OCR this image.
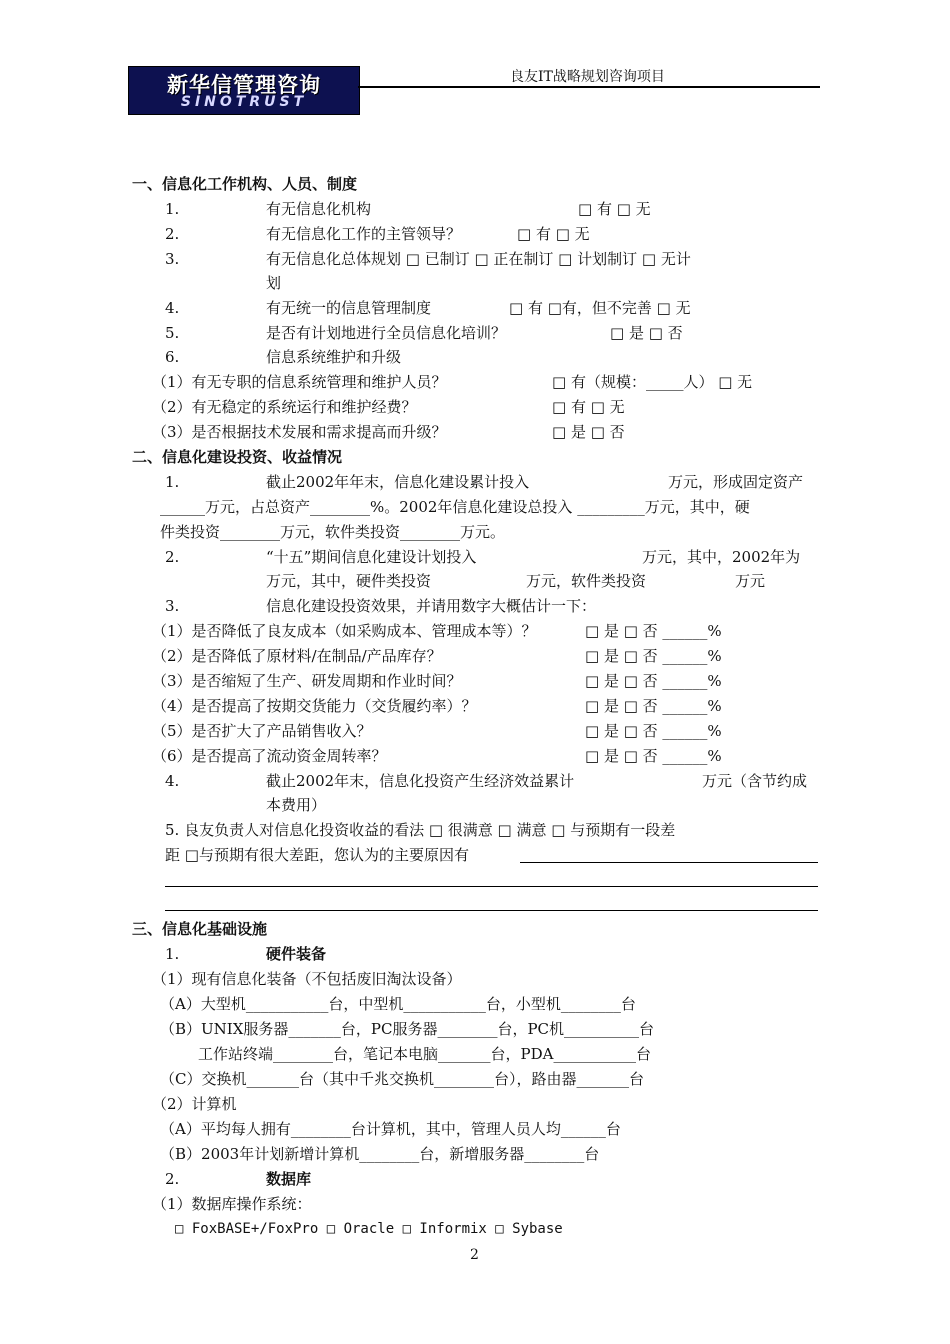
新华信管理咨询
SINOTRUST
良友IT战略规划咨询项目
一、信息化工作机构、人员、制度
1.	有无信息化机构	□ 有 □ 无
2.	有无信息化工作的主管领导？	□ 有 □ 无
3.	有无信息化总体规划 □ 已制订 □ 正在制订 □ 计划制订 □ 无计
划
4.	有无统一的信息管理制度	□ 有 □有，但不完善 □ 无
5.	是否有计划地进行全员信息化培训？	□ 是 □ 否
6.	信息系统维护和升级
（1）有无专职的信息系统管理和维护人员？	□ 有（规模：_____人） □ 无
（2）有无稳定的系统运行和维护经费？	□ 有 □ 无
（3）是否根据技术发展和需求提高而升级？	□ 是 □ 否
二、信息化建设投资、收益情况
1.	截止2002年年末，信息化建设累计投入	万元，形成固定资产
______万元，占总资产________%。2002年信息化建设总投入 _________万元，其中，硬
件类投资________万元，软件类投资________万元。
2.	“十五”期间信息化建设计划投入	万元，其中，2002年为
万元，其中，硬件类投资	万元，软件类投资	万元
3.	信息化建设投资效果，并请用数字大概估计一下：
（1）是否降低了良友成本（如采购成本、管理成本等）？	□ 是 □ 否 ______%
（2）是否降低了原材料/在制品/产品库存？	□ 是 □ 否 ______%
（3）是否缩短了生产、研发周期和作业时间？	□ 是 □ 否 ______%
（4）是否提高了按期交货能力（交货履约率）？	□ 是 □ 否 ______%
（5）是否扩大了产品销售收入？	□ 是 □ 否 ______%
（6）是否提高了流动资金周转率？	□ 是 □ 否 ______%
4.	截止2002年末，信息化投资产生经济效益累计	万元（含节约成
本费用）
5. 良友负责人对信息化投资收益的看法 □ 很满意 □ 满意 □ 与预期有一段差
距 □与预期有很大差距，您认为的主要原因有
三、信息化基础设施
1.	硬件装备
（1）现有信息化装备（不包括废旧淘汰设备）
（A）大型机___________台，中型机___________台，小型机________台
（B）UNIX服务器_______台，PC服务器________台，PC机__________台
工作站终端________台，笔记本电脑_______台，PDA___________台
（C）交换机_______台（其中千兆交换机________台），路由器_______台
（2）计算机
（A）平均每人拥有________台计算机，其中，管理人员人均______台
（B）2003年计划新增计算机________台，新增服务器________台
2.	数据库
（1）数据库操作系统：
□ FoxBASE+/FoxPro □ Oracle □ Informix □ Sybase
2
